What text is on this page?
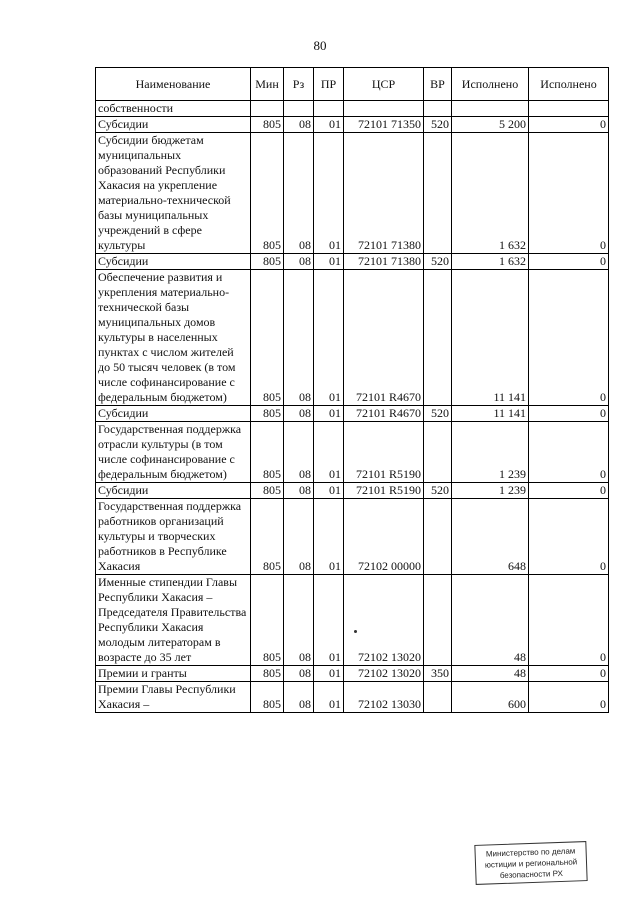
80
Наименование	Мин	Рз	ПР	ЦСР	ВР	Исполнено	Исполнено
собственности							
Субсидии	805	08	01	72101 71350	520	5 200	0
Субсидии бюджетам муниципальных образований Республики Хакасия на укрепление материально-технической базы муниципальных учреждений в сфере культуры	805	08	01	72101 71380		1 632	0
Субсидии	805	08	01	72101 71380	520	1 632	0
Обеспечение развития и укрепления материально-технической базы муниципальных домов культуры в населенных пунктах с числом жителей до 50 тысяч человек (в том числе софинансирование с федеральным бюджетом)	805	08	01	72101 R4670		11 141	0
Субсидии	805	08	01	72101 R4670	520	11 141	0
Государственная поддержка отрасли культуры (в том числе софинансирование с федеральным бюджетом)	805	08	01	72101 R5190		1 239	0
Субсидии	805	08	01	72101 R5190	520	1 239	0
Государственная поддержка работников организаций культуры и творческих работников в Республике Хакасия	805	08	01	72102 00000		648	0
Именные стипендии Главы Республики Хакасия – Председателя Правительства Республики Хакасия молодым литераторам в возрасте до 35 лет	805	08	01	72102 13020		48	0
Премии и гранты	805	08	01	72102 13020	350	48	0
Премии Главы Республики Хакасия –	805	08	01	72102 13030		600	0
Министерство по делам
юстиции и региональной
безопасности РХ
